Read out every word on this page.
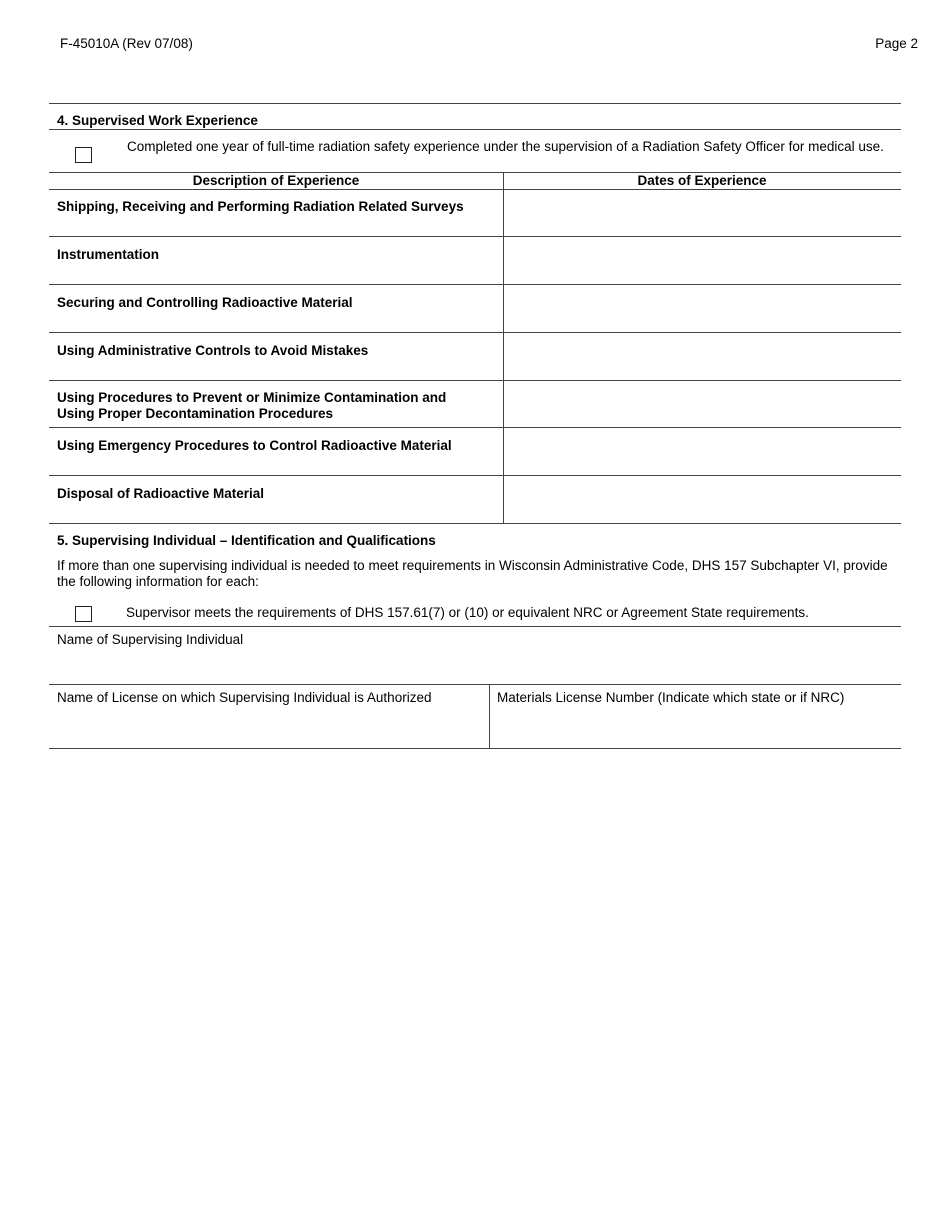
F-45010A (Rev 07/08)	Page 2
4. Supervised Work Experience
Completed one year of full-time radiation safety experience under the supervision of a Radiation Safety Officer for medical use.
Description of Experience	Dates of Experience
Shipping, Receiving and Performing Radiation Related Surveys
Instrumentation
Securing and Controlling Radioactive Material
Using Administrative Controls to Avoid Mistakes
Using Procedures to Prevent or Minimize Contamination and Using Proper Decontamination Procedures
Using Emergency Procedures to Control Radioactive Material
Disposal of Radioactive Material
5. Supervising Individual – Identification and Qualifications
If more than one supervising individual is needed to meet requirements in Wisconsin Administrative Code, DHS 157 Subchapter VI, provide the following information for each:
Supervisor meets the requirements of DHS 157.61(7) or (10) or equivalent NRC or Agreement State requirements.
Name of Supervising Individual
Name of License on which Supervising Individual is Authorized	Materials License Number (Indicate which state or if NRC)
